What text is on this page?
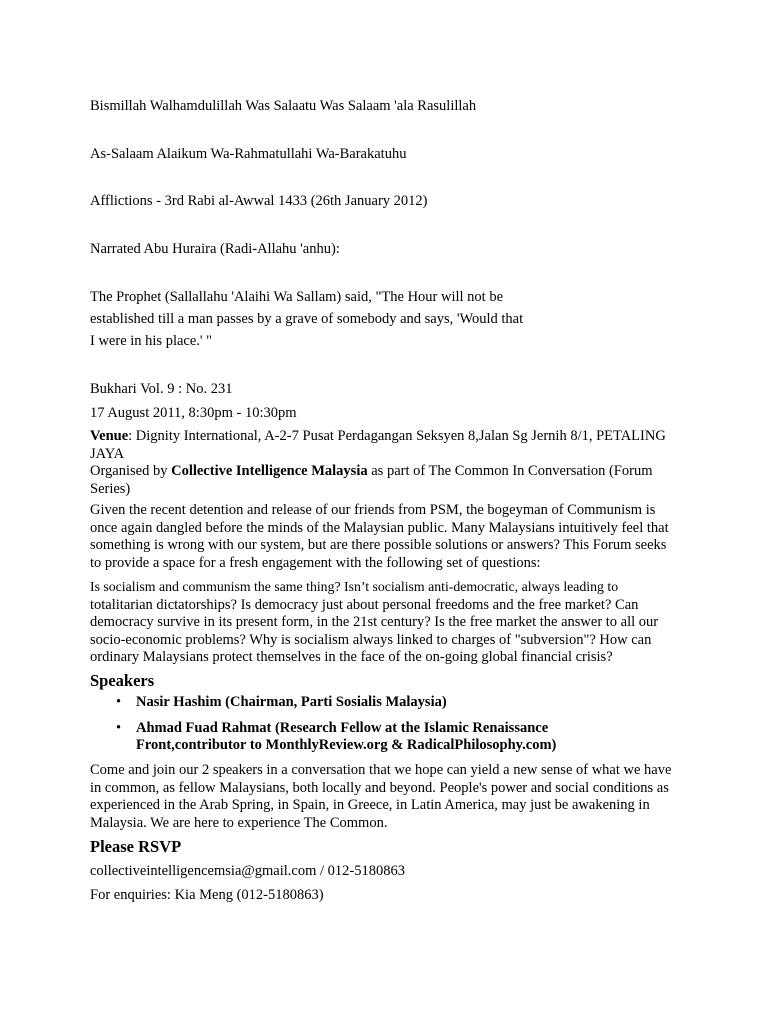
Bismillah Walhamdulillah Was Salaatu Was Salaam 'ala Rasulillah
As-Salaam Alaikum Wa-Rahmatullahi Wa-Barakatuhu
Afflictions - 3rd Rabi al-Awwal 1433 (26th January 2012)
Narrated Abu Huraira (Radi-Allahu 'anhu):
The Prophet (Sallallahu 'Alaihi Wa Sallam) said, "The Hour will not be
established till a man passes by a grave of somebody and says, 'Would that
I were in his place.' "
Bukhari Vol. 9 : No. 231
17 August 2011, 8:30pm - 10:30pm
Venue: Dignity International, A-2-7 Pusat Perdagangan Seksyen 8,Jalan Sg Jernih 8/1, PETALING JAYA
Organised by Collective Intelligence Malaysia as part of The Common In Conversation (Forum Series)
Given the recent detention and release of our friends from PSM, the bogeyman of Communism is once again dangled before the minds of the Malaysian public. Many Malaysians intuitively feel that something is wrong with our system, but are there possible solutions or answers? This Forum seeks to provide a space for a fresh engagement with the following set of questions:
Is socialism and communism the same thing? Isn’t socialism anti-democratic, always leading to totalitarian dictatorships? Is democracy just about personal freedoms and the free market? Can democracy survive in its present form, in the 21st century? Is the free market the answer to all our socio-economic problems? Why is socialism always linked to charges of "subversion"? How can ordinary Malaysians protect themselves in the face of the on-going global financial crisis?
Speakers
• Nasir Hashim (Chairman, Parti Sosialis Malaysia)
• Ahmad Fuad Rahmat (Research Fellow at the Islamic Renaissance Front,contributor to MonthlyReview.org & RadicalPhilosophy.com)
Come and join our 2 speakers in a conversation that we hope can yield a new sense of what we have in common, as fellow Malaysians, both locally and beyond. People's power and social conditions as experienced in the Arab Spring, in Spain, in Greece, in Latin America, may just be awakening in Malaysia. We are here to experience The Common.
Please RSVP
collectiveintelligencemsia@gmail.com / 012-5180863
For enquiries: Kia Meng (012-5180863)
